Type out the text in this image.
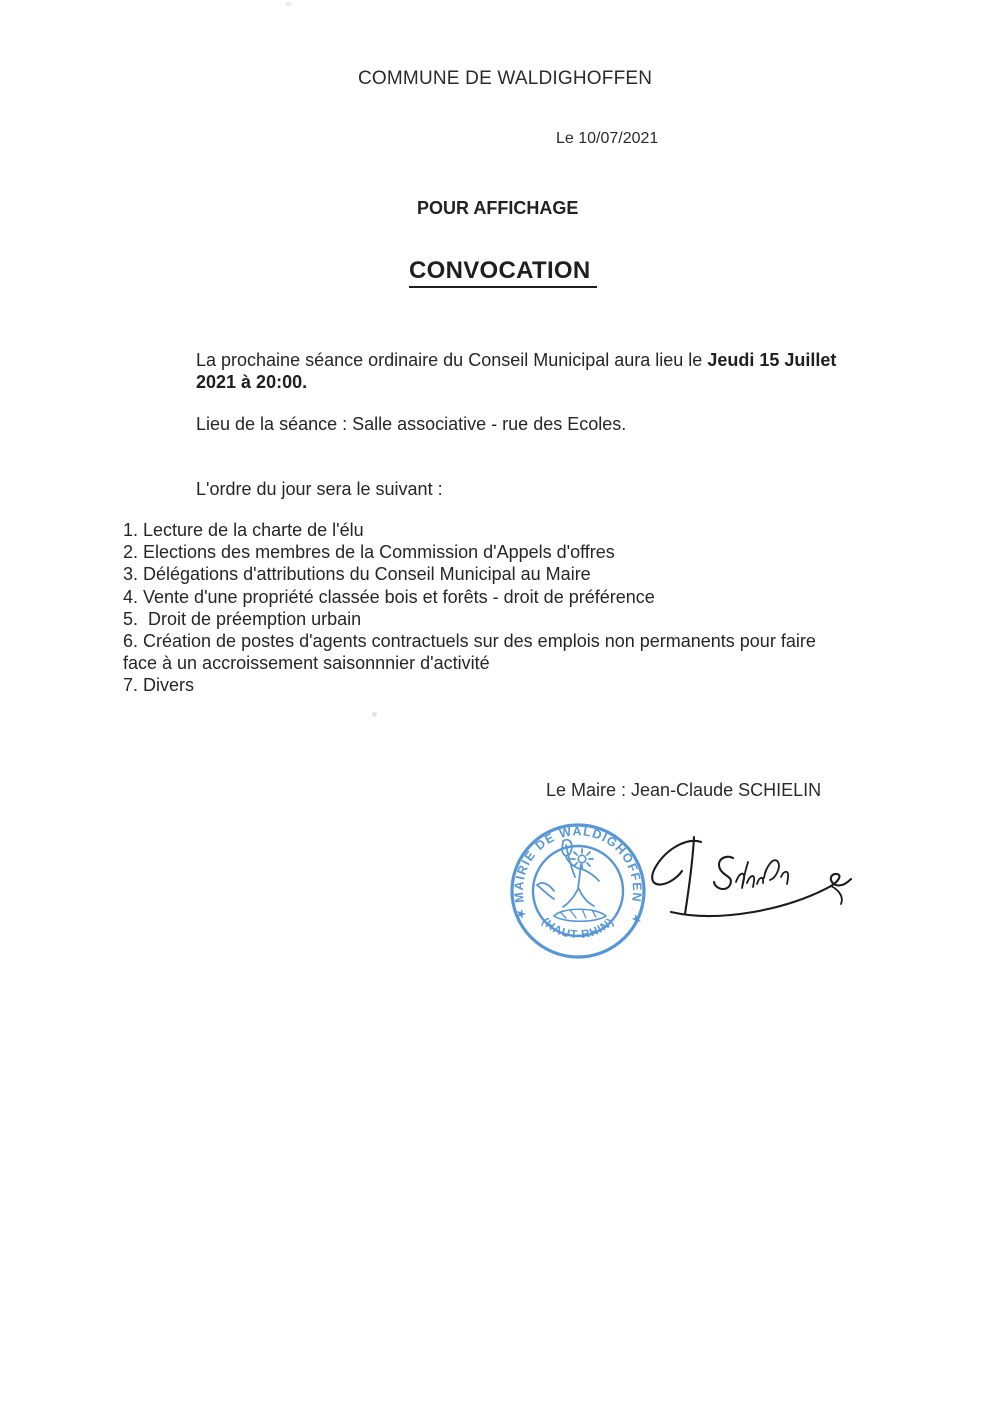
COMMUNE DE WALDIGHOFFEN
Le 10/07/2021
POUR AFFICHAGE
CONVOCATION
La prochaine séance ordinaire du Conseil Municipal aura lieu le Jeudi 15 Juillet
2021 à 20:00.
Lieu de la séance : Salle associative - rue des Ecoles.
L'ordre du jour sera le suivant :
1. Lecture de la charte de l'élu
2. Elections des membres de la Commission d'Appels d'offres
3. Délégations d'attributions du Conseil Municipal au Maire
4. Vente d'une propriété classée bois et forêts - droit de préférence
5.  Droit de préemption urbain
6. Création de postes d'agents contractuels sur des emplois non permanents pour faire
face à un accroissement saisonnnier d'activité
7. Divers
Le Maire : Jean-Claude SCHIELIN
MAIRIE DE WALDIGHOFFEN
(HAUT-RHIN)
★	★
